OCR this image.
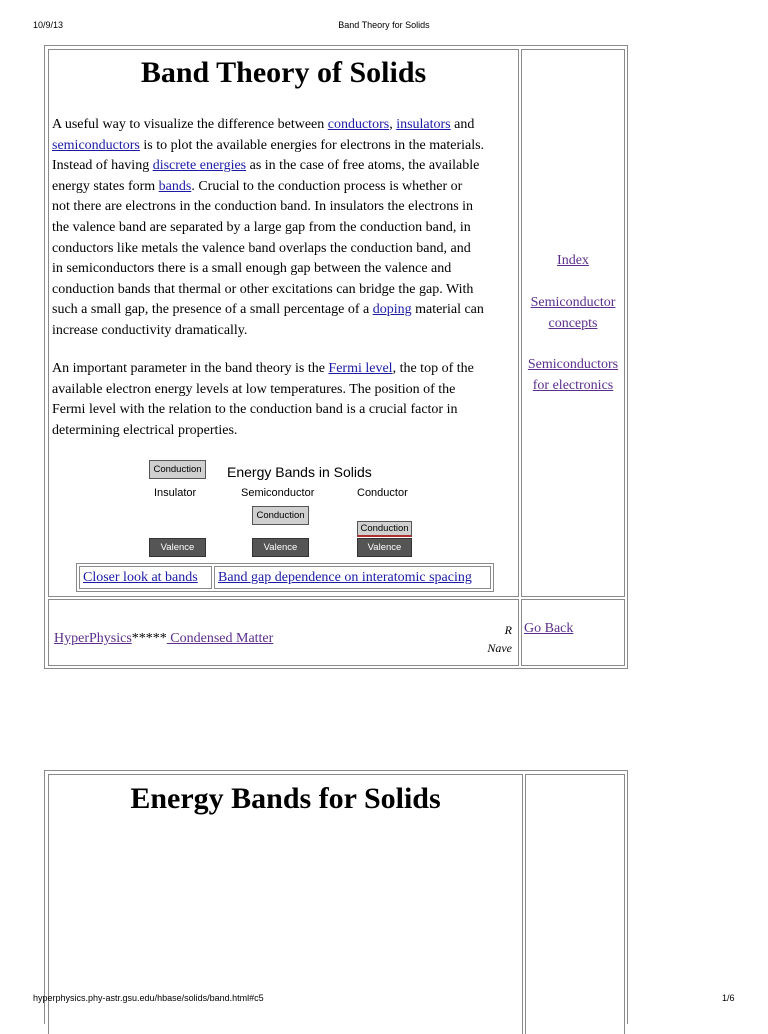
10/9/13	Band Theory for Solids
Band Theory of Solids
A useful way to visualize the difference between conductors, insulators and
semiconductors is to plot the available energies for electrons in the materials.
Instead of having discrete energies as in the case of free atoms, the available
energy states form bands. Crucial to the conduction process is whether or
not there are electrons in the conduction band. In insulators the electrons in
the valence band are separated by a large gap from the conduction band, in
conductors like metals the valence band overlaps the conduction band, and
in semiconductors there is a small enough gap between the valence and
conduction bands that thermal or other excitations can bridge the gap. With
such a small gap, the presence of a small percentage of a doping material can
increase conductivity dramatically.
An important parameter in the band theory is the Fermi level, the top of the
available electron energy levels at low temperatures. The position of the
Fermi level with the relation to the conduction band is a crucial factor in
determining electrical properties.
Conduction	Energy Bands in Solids
Insulator	Semiconductor	Conductor
Conduction
Conduction
Valence	Valence	Valence
Closer look at bands	Band gap dependence on interatomic spacing
Index
Semiconductor
concepts
Semiconductors
for electronics
HyperPhysics***** Condensed Matter
R
Nave
Go Back
Energy Bands for Solids
hyperphysics.phy-astr.gsu.edu/hbase/solids/band.html#c5	1/6
